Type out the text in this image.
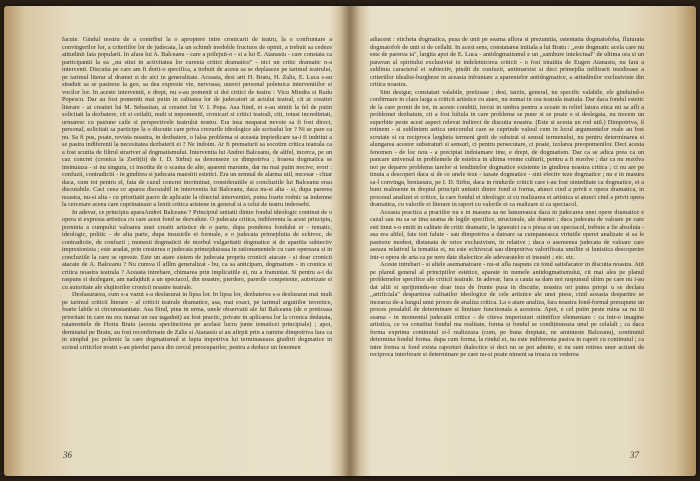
facute. Gindul nostru de a contribui la o apropiere intre cronicarii de teatru, la o confruntare a convingerilor lor, a criteriilor lor de judecata, la un schimb inedoble fructuos de opinii, a trebuit sa cedeze atitudinii fata popularii. In afara lui A. Balceanu - care a prilejuit-o - si a lui E. Atanasiu - care constata ca participantii la ea ,,nu stiut in activitatea lor curenta critici dramatice" - nici un critic dramatic n-a intervenit. Discutia pe care am fi dorit-o specifica, a trebuit de aceea sa se deplaseze pe tarimul teatrului, pe tarimul literar al dramei si de aici in generalitate. Aceasta, desi arti H. Bratu, H. Zalis, E. Luca s-au straduit sa se pastreze la geo, sa dea expresie vie, nervoasa, uneori personal polemica interventiilor si vocilor lor. In aceste interventii, e drept, nu s-au pomenit si doi critici de teatru : Vicu Mindra si Radu Popescu. Dar au fost pomeniti mai putin in calitatea lor de judecatori ai actului teatral, cit ai creatiei literare - ai creatiei lui M. Sebastian, ai creatiei lui V. I. Popa. Asa fiind, ei s-au simtit la fel de putin solicitati la dezbatere, cit si ceilalti, mult si nepomeniti, cronicari si critici teatrali, citi, totusi incredintati, urmaresc cu pasiune caile si perspectivele teatrului nostru. Era insa neaparat nevoie sa fi fost direct, personal, solicitati sa participe la o discutie care priva crezurile ideologice ale scrisului lor ? Ni se pare ca nu. Sa fi pus, poate, revista noastra, in dezbatere, o falsa problema si aceasta impiedicare sa-i fi indritut a se pastra indiferenti la necesitatea dezbaterii ei ? Ne indoim. Ar fi prematurii sa socotim critica teatrala ca a fost scutita de filtrul strariver al dogmatismului. Interventia lui Andrei Balceanu, de altfel, incerca, pe un caz concret (cronica la Zorii(ti) de I. D. Sirbu) sa denonseze ce dimpotriva ; hoarea dogmatica se insinuiaza - si nu singura, ci insotita de o scama de alte, aparent marunte, dar nu mai putin nocive, erori : confuzii, contradictii - in gindirea si judecata maestrii estetici. Era un semnal de alarma util, necesar - chiar daca, cum tot pentru el, fata de cazul concret incriminat, consideratiile si concluziile lui Balceanu erau discutabile. Caci ceea ce aparea discutabil in interventia lui Balceanu, daca nu-si alta - si, dupa parerea noastra, nu-si alta - cu prioritatii pacre de aplicatie la obiectul interventiei, putea foarte rodnic sa indemne la cercetare aceea care cuprinateaze a lentii critica aristene in general si a celui de teatru indeosebi.

In adevar, ce principiu aparaAndrei Balceanu ? Principiul unitatii dintre fondul ideologic continut de o opera si expresia artistica cu care acest fond se dezvaluie. O judecata critica, indiferenta la acest principiu, porninta a cumpului valoarea unei creatii artistice de o parte, dupa ponderea fondului ei - tematic, ideologic, politic - de alta parte, dupa insusirile ei formale, e o judecata primejduita de echivoc, de contradictie, de confuzii ; monesti dogmaticii de morbul vulgaritatii dogmatice si de aparitia subiectiv impresionista ; este aradat, prin cresterea o judecata primejduioasa in rationamentele cu care opereaza si in concluziile la care se opreste. Este un atare sistem de judecata propriu cronicii atacate - si doar cronicii atacate de A. Balceanu ? Nu cumva il afllm generalizat - bu, ca sa anticipam, dogmatism - in cronica si critica noastra teatrala ? Aceasta intrebare, chimarea prin implicatiile ei, nu a framintat. Si pentru a-i da raspuns si dezlegare, am nadajduit a un spectacol, din noastre, pierdere, parerile competente, autorizate si cu autoritate ale slujitorilor cronicii noastre teatrale.

Desfasurarea, cum s-a vazut s-a desfasurat in lipsa lor. In lipsa lor, dezbaterea s-a desfasurat mai mult pe tarimul criticii literare - al criticii teatrale dramatice, asa, mai exact, pe tarimul argutiilor teoretice, foarte labile si circumstantiate. Asa fiind, pina in urma, unele observatii ale lui Balceanu (de o pretioasa prioritate in care nu era numai un rau tagadnit) au fost practic, private in aplicarea lor la cronica dedatata, ratamentele de Horia Bratu (acesta speciinctirea pe acelasi lucru junte tematicei principiale) ; apoi, deminatul pe Bratu, au fost reconfirmate de Zalis si Atanasiu si au afirpit prin a ramine dimpotriva fara ca in simplul joc polemic la care dogmatismul si lupta impotriva lui terminaseaza giudirii dogmatice in scrisul criticilor nostri s-au pierdut parca din cercul preocuparilor, pentru a deduce un fenomen

adiacent : eticheta dogmatica, pusa de unii pe seama aflora si prezumtia, ostentatia dogmatofoba, fluturata dogmatofob de unii si de ceilalti. In acest sens, constatarea initiala a lui Bratu : ,,este dogmatic acela care nu este de parerea ta", largita apoi de E. Luca - antidogmatismul e un ,,sambure intelectual" de ultima ora si un paravan al spiritului exclusivist in indeletnicirea criticii - o fost intaiitia de Eugen Atanasiu, nu fara a sublinia caracterul ei subiectiv, pindit de confuzii, antimarxist si deci primejdia infiltrarii insidioase a criteriilor idealist-burgheze in aceasta infruntare a aparentelor antidogmatice, a atitudinilor exclusiviste din critica noastra.

Sint desigur, constatari valabile, pretioase ; desi, tarziu, general, nu specific valabile, ele ginduind-o confirmare in clara larga a criticii artistice cu atare, nu numai in cea teatrala teatrala. Dar daca fondul estetic de la care pornit de tot, in aceste conditii, trecut in umbra pentru a scoate in relief latura etica mi sa afli a problemei dezbatute, cit a fost luliula in care problema se pune si se poate e si deslegata, nu trecem un superbite peste acest aspect relevat indirect de discutia noastra. (Este si acesta un rod util.) Dimpotriva, il retinem - si subliniem aetica unicorului care se cuprinde valoul cum in locul argumentelor reale au fost scrutate si cu reciproca largheta termeni greii de substrat si sensul termenului, nu pentru determinarea si alungarea acestor substraturi si sensuri, ci pentru persecutare, ci poate, izolarea preopomenilor. Deci acesta fenomen - de loc nou - a precipiat indoiamare tine, e drept, de dogmatism. Dar ca se adica prea ca un pancare universal in problemele de estetica in ultima vreme culturii, pentru a fi rezolve ; dar ca nu rezolva noi pe deparre problema tarelor si tendintelor dogmatice existente in gindirea noastra critica ; ci nu are pe tinuta a descoperi daca si de ce unele teze - taxate dogmatice - sint efectiv teze dogmatice ; nu e in masura sa-l convinga, beniaoara, pe I. D. Sirbu, daca in rindurile criticii care i-au fost ointeditate ca dogmatice, ei a bunt realmente in dreptul principii unitatii dintre fond si forma, atunci cind a privit e opera dramatica, in procesul analizei ei critice, la care fondul ei ideologic si cu realizarea ei artistica si atunci cind a privit opera dramatica, cu valorile ei literare in raport cu valorile ei ca realizare si ca spectacol.

Aceasta practica a practilor nu e in masura sa ne lamureasca daca in judecarea unei opere dramatice e cazul sau nu sa se tina seama de legile specifice, structurale, ale dramei ; daca judecata de valoare pe care esti tinut s-o emiti in calitate de critic dramatic, le ignoraici ca o piesa si un spectacol, trebuie a fie absoluta - asa era altfel, fate iori faluie - sau dimpotriva a datoare sa cumpaneasca virtutile operei analizate si sa le pastreze modest, distanata de orice exclusivism, in relative ; daca o asemenea judecata de valoare care aseaza relativul la tematiia ei, nu este echivocai sau dimpotriva valorificata umilite si lunistica descoperire intr-o opera de arta ca pe nere date dialectice ale adevaratelor ei insusiri ; etc. etc.

Aceste intrebari - si altele asemanatoare - nu-si afla raspuns cu totul satisfacator in discutia noastra. Atit pe planul general al principiilor estetice, aparate in numele antidogmatismului, cit mai ales pe planul problemelor specifice ale criticii teatrale. In adevar, fara a cauta sa dam noi raspunsul ultim pe care nu i-au dat altii si sprijinindu-ne doar teza de frunte pusa in discutie, noastra ori putea priopi u se declara ,,artificiala" despartirea calitatilor ideologice de cele artistice ale unei piese, cind aceasta despartire se incearca de-a lungul unui proces de analiza critica. La o atare analiza, fara noastra fond-formal presupune un proces prealabil de determinare si limitare functionala a acestora. Apoi, e cel putin peste mina sa nu tii seama - in momentul judecatii critice - de citeva imperiurari stiintifice elementare : ca intr-o imagine artistica, ce va constitui fondul ma realitate, forma si fondul se condiționeaza unul pe celalalt ; ca daca forma exprima continutul si-l realizeaza (cum, pe buna dreptate, ne aminteste Balceanu), continutul determina fondul forma. dupa cum forma, la rindul ei, nu este indiferenta pasiva in raport cu continutul ; ca intre forma si fond exista raporturi dialectice si deci nu se pot admite, si nu sunt retirea unor actiuni de reciproca interferare si determinare pe care nu-si poate nimeni sa treaca cu vederea

36	37
